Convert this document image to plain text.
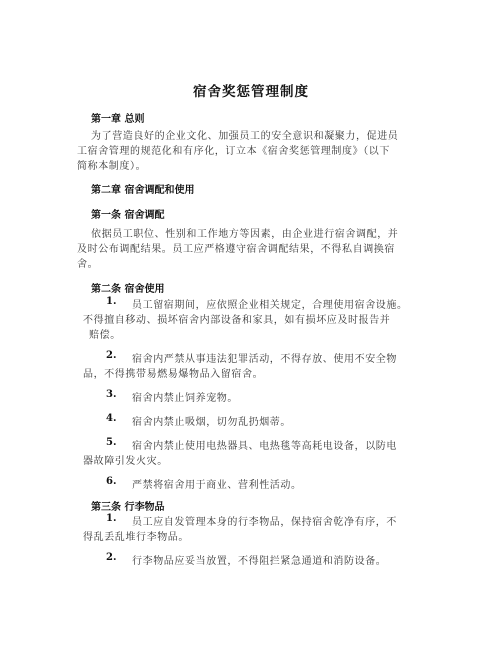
宿舍奖惩管理制度
第一章 总则
为了营造良好的企业文化、加强员工的安全意识和凝聚力，促进员
工宿舍管理的规范化和有序化，订立本《宿舍奖惩管理制度》（以下
简称本制度）。
第二章 宿舍调配和使用
第一条 宿舍调配
依据员工职位、性别和工作地方等因素，由企业进行宿舍调配，并
及时公布调配结果。员工应严格遵守宿舍调配结果，不得私自调换宿
舍。
第二条 宿舍使用
1. 员工留宿期间，应依照企业相关规定，合理使用宿舍设施。
不得擅自移动、损坏宿舍内部设备和家具，如有损坏应及时报告并
赔偿。
2. 宿舍内严禁从事违法犯罪活动，不得存放、使用不安全物
品，不得携带易燃易爆物品入留宿舍。
3. 宿舍内禁止饲养宠物。
4. 宿舍内禁止吸烟，切勿乱扔烟蒂。
5. 宿舍内禁止使用电热器具、电热毯等高耗电设备，以防电
器故障引发火灾。
6. 严禁将宿舍用于商业、营利性活动。
第三条 行李物品
1. 员工应自发管理本身的行李物品，保持宿舍乾净有序，不
得乱丢乱堆行李物品。
2. 行李物品应妥当放置，不得阻拦紧急通道和消防设备。
